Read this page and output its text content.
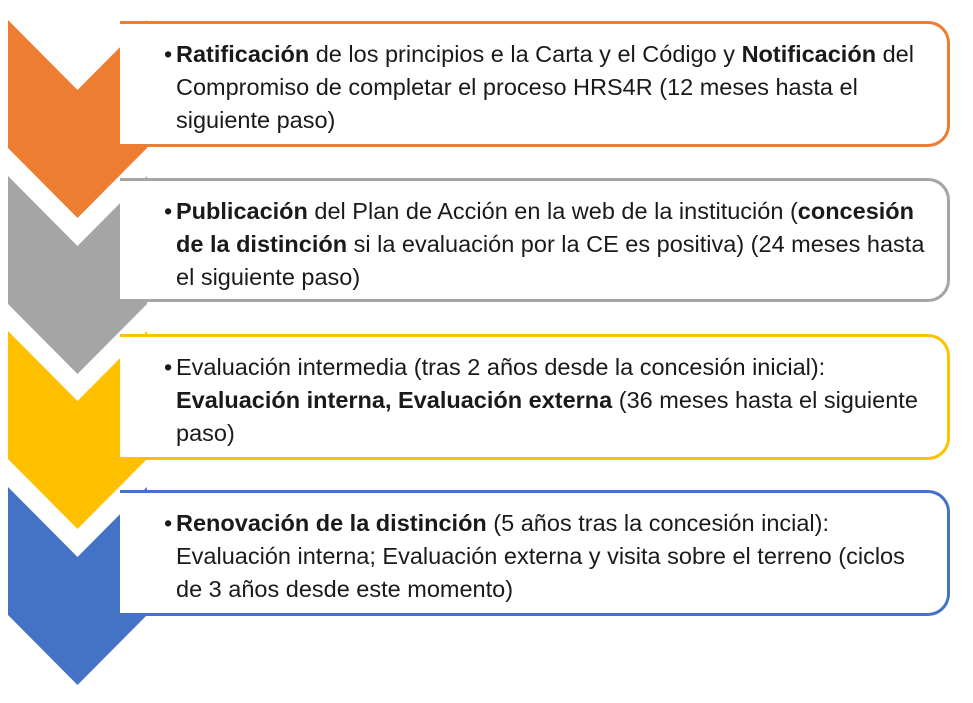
• Ratificación de los principios e la Carta y el Código y Notificación del Compromiso de completar el proceso HRS4R (12 meses hasta el siguiente paso)
• Publicación del Plan de Acción en la web de la institución (concesión de la distinción si la evaluación por la CE es positiva) (24 meses hasta el siguiente paso)
• Evaluación intermedia (tras 2 años desde la concesión inicial): Evaluación interna, Evaluación externa (36 meses hasta el siguiente paso)
• Renovación de la distinción (5 años tras la concesión incial): Evaluación interna; Evaluación externa y visita sobre el terreno (ciclos de 3 años desde este momento)
